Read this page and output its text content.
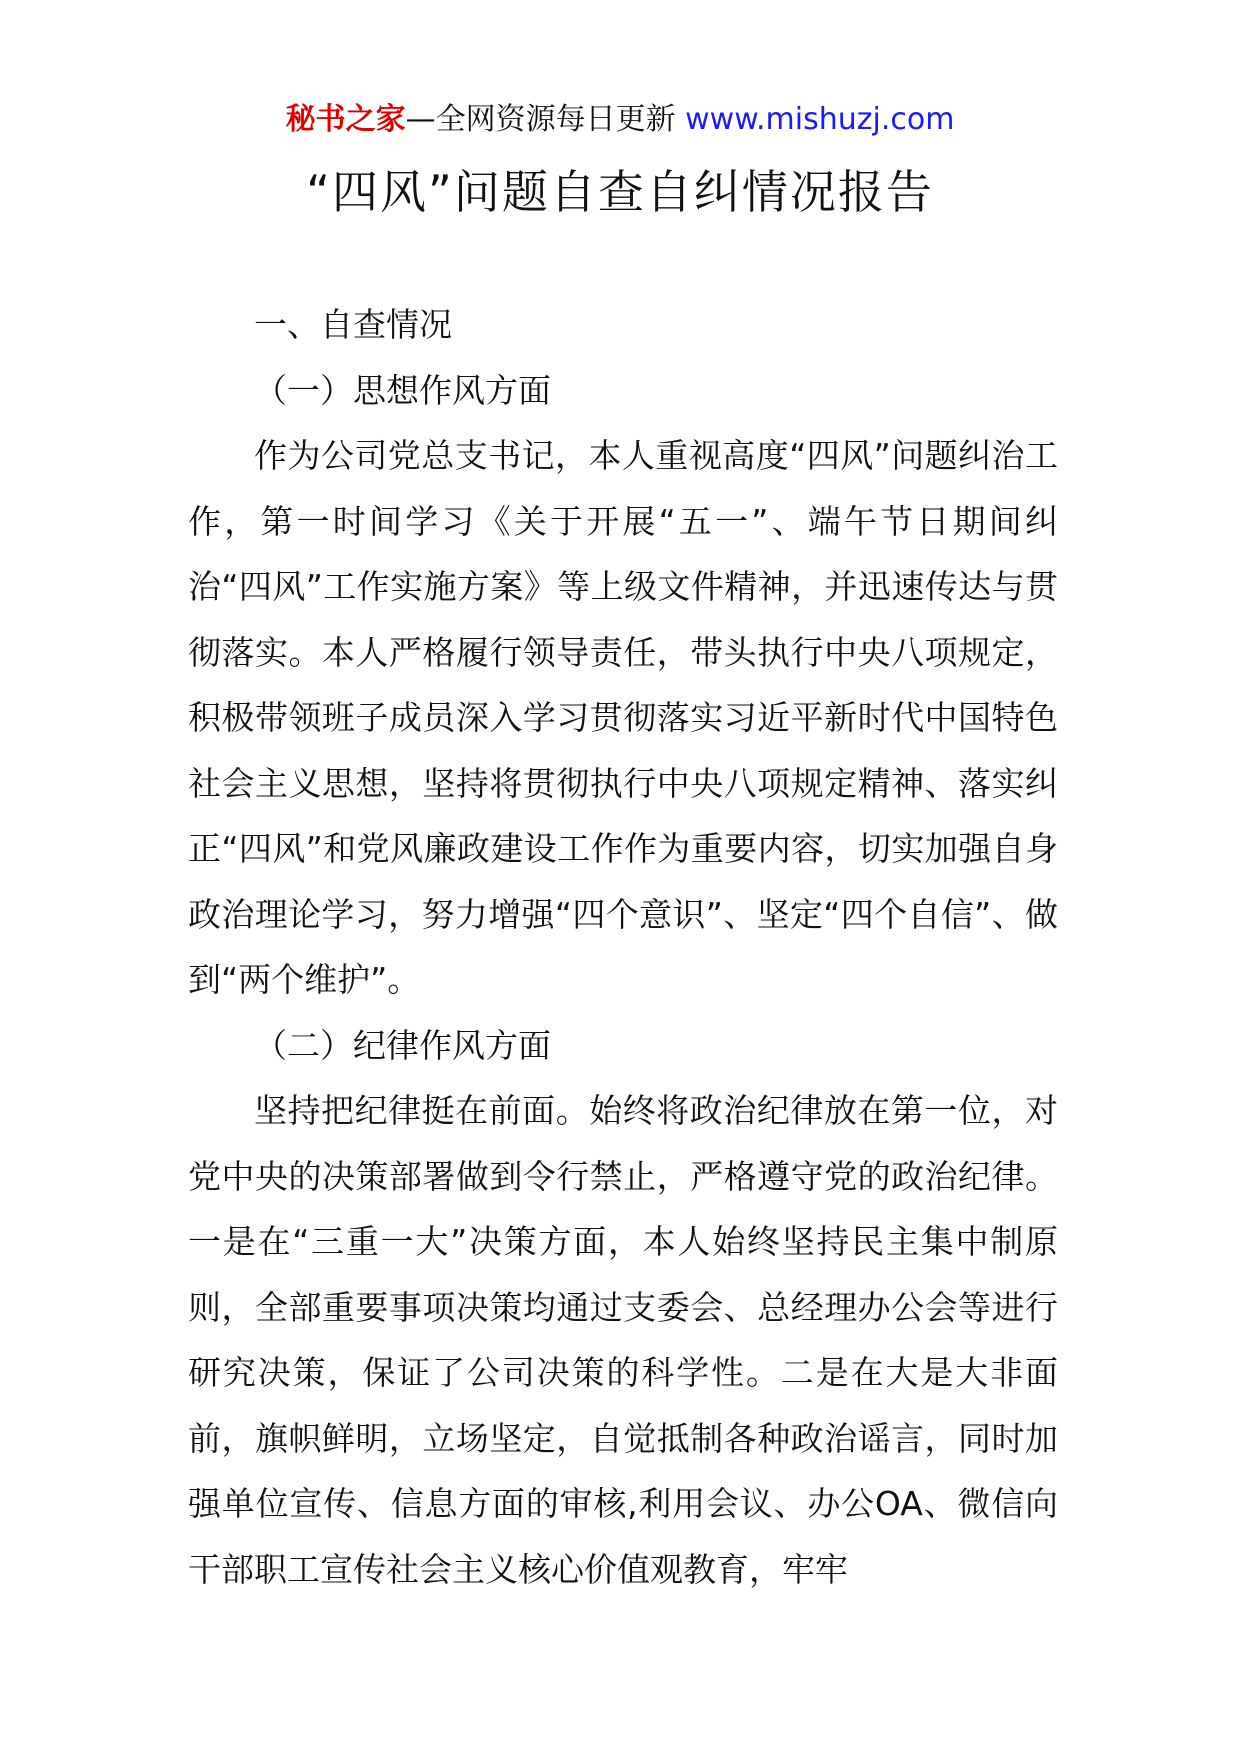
秘书之家—全网资源每日更新 www.mishuzj.com
“四风”问题自查自纠情况报告

一、自查情况

（一）思想作风方面

作为公司党总支书记，本人重视高度“四风”问题纠治工作，第一时间学习《关于开展“五一”、端午节日期间纠治“四风”工作实施方案》等上级文件精神，并迅速传达与贯彻落实。本人严格履行领导责任，带头执行中央八项规定，积极带领班子成员深入学习贯彻落实习近平新时代中国特色社会主义思想，坚持将贯彻执行中央八项规定精神、落实纠正“四风”和党风廉政建设工作作为重要内容，切实加强自身政治理论学习，努力增强“四个意识”、坚定“四个自信”、做到“两个维护”。

（二）纪律作风方面

坚持把纪律挺在前面。始终将政治纪律放在第一位，对党中央的决策部署做到令行禁止，严格遵守党的政治纪律。一是在“三重一大”决策方面，本人始终坚持民主集中制原则，全部重要事项决策均通过支委会、总经理办公会等进行研究决策，保证了公司决策的科学性。二是在大是大非面前，旗帜鲜明，立场坚定，自觉抵制各种政治谣言，同时加强单位宣传、信息方面的审核,利用会议、办公OA、微信向干部职工宣传社会主义核心价值观教育，牢牢
